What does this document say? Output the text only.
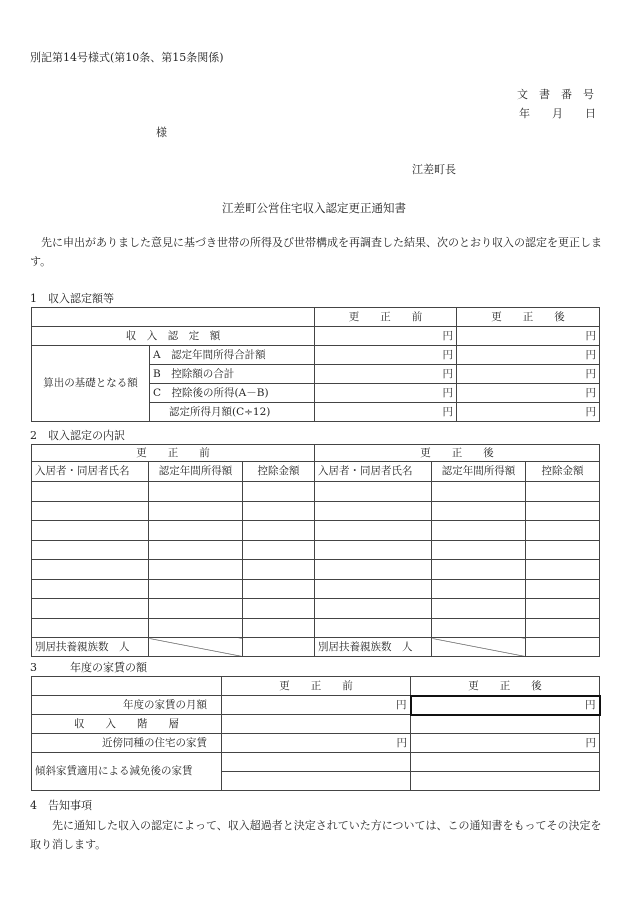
別記第14号様式(第10条、第15条関係)
文　書　番　号
年　　月　　日
様
江差町長
江差町公営住宅収入認定更正通知書
先に申出がありました意見に基づき世帯の所得及び世帯構成を再調査した結果、次のとおり収入の認定を更正します。
1　収入認定額等
		更　　正　　前	更　　正　　後
収　入　認　定　額		円	円
算出の基礎となる額	A　 認定年間所得合計額	円	円
	B　 控除額の合計	円	円
	C　 控除後の所得(A－B)	円	円
	認定所得月額(C÷12)	円	円
2　収入認定の内訳
更　　正　　前			更　　正　　後		
入居者・同居者氏名	認定年間所得額	控除金額	入居者・同居者氏名	認定年間所得額	控除金額

別居扶養親族数　 人			別居扶養親族数　 人		
3　　　年度の家賃の額
	更　　正　　前	更　　正　　後
年度の家賃の月額	円	円
収　　入　　階　　層		
近傍同種の住宅の家賃	円	円
傾斜家賃適用による減免後の家賃		

4　告知事項
先に通知した収入の認定によって、収入超過者と決定されていた方については、この通知書をもってその決定を取り消します。
